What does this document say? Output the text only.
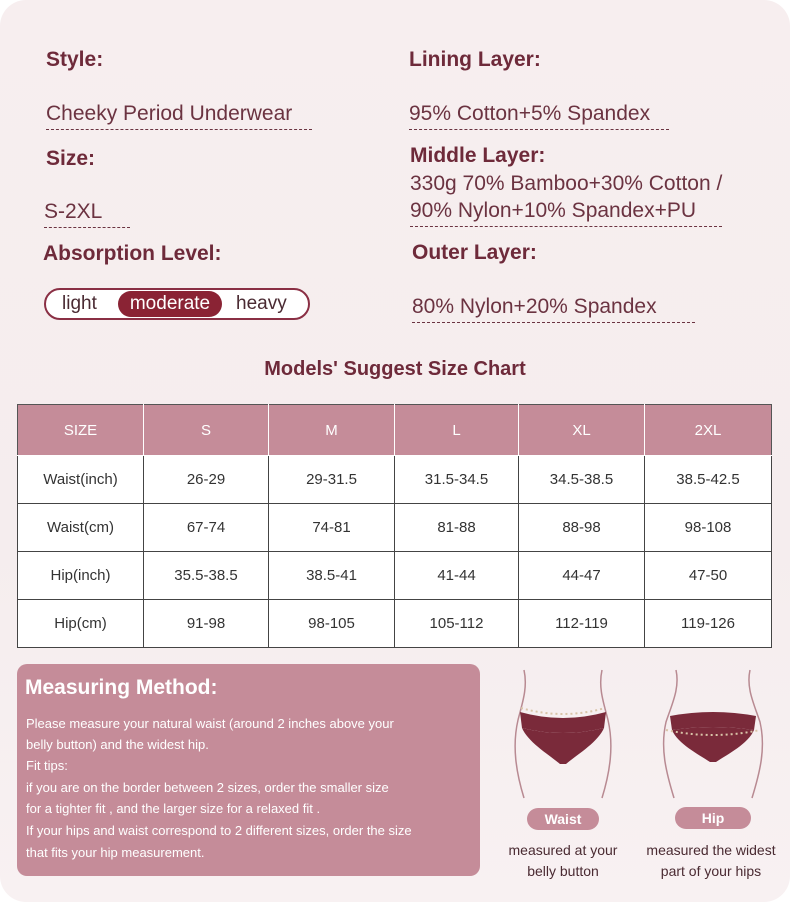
Style:
Cheeky Period Underwear
Size:
S-2XL
Absorption Level:
light	moderate	heavy
Lining Layer:
95% Cotton+5% Spandex
Middle Layer:
330g 70% Bamboo+30% Cotton /
90% Nylon+10% Spandex+PU
Outer Layer:
80% Nylon+20% Spandex
Models' Suggest Size Chart
SIZE	S	M	L	XL	2XL
Waist(inch)	26-29	29-31.5	31.5-34.5	34.5-38.5	38.5-42.5
Waist(cm)	67-74	74-81	81-88	88-98	98-108
Hip(inch)	35.5-38.5	38.5-41	41-44	44-47	47-50
Hip(cm)	91-98	98-105	105-112	112-119	119-126
Measuring Method:
Please measure your natural waist (around 2 inches above your
belly button) and the widest hip.
Fit tips:
if you are on the border between 2 sizes, order the smaller size
for a tighter fit , and the larger size for a relaxed fit .
If your hips and waist correspond to 2 different sizes, order the size
that fits your hip measurement.
Waist
measured at your
belly button
Hip
measured the widest
part of your hips
